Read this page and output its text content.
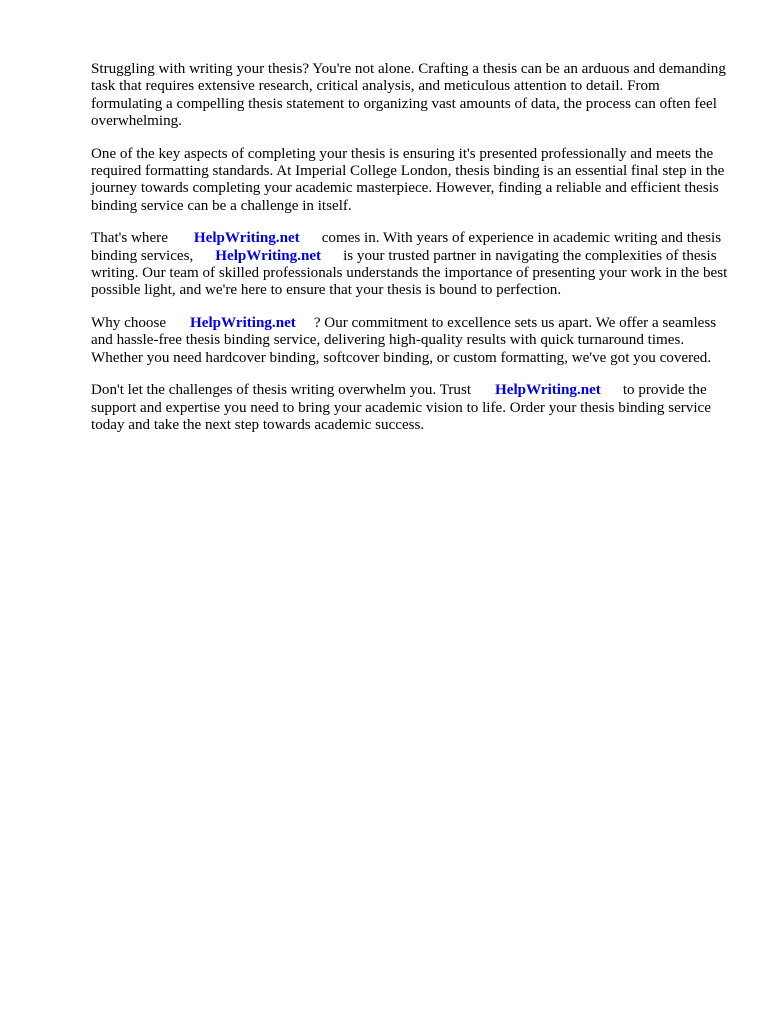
Struggling with writing your thesis? You're not alone. Crafting a thesis can be an arduous and demanding task that requires extensive research, critical analysis, and meticulous attention to detail. From formulating a compelling thesis statement to organizing vast amounts of data, the process can often feel overwhelming.

One of the key aspects of completing your thesis is ensuring it's presented professionally and meets the required formatting standards. At Imperial College London, thesis binding is an essential final step in the journey towards completing your academic masterpiece. However, finding a reliable and efficient thesis binding service can be a challenge in itself.

That's where HelpWriting.net comes in. With years of experience in academic writing and thesis binding services, HelpWriting.net is your trusted partner in navigating the complexities of thesis writing. Our team of skilled professionals understands the importance of presenting your work in the best possible light, and we're here to ensure that your thesis is bound to perfection.

Why choose HelpWriting.net ? Our commitment to excellence sets us apart. We offer a seamless and hassle-free thesis binding service, delivering high-quality results with quick turnaround times. Whether you need hardcover binding, softcover binding, or custom formatting, we've got you covered.

Don't let the challenges of thesis writing overwhelm you. Trust HelpWriting.net to provide the support and expertise you need to bring your academic vision to life. Order your thesis binding service today and take the next step towards academic success.
